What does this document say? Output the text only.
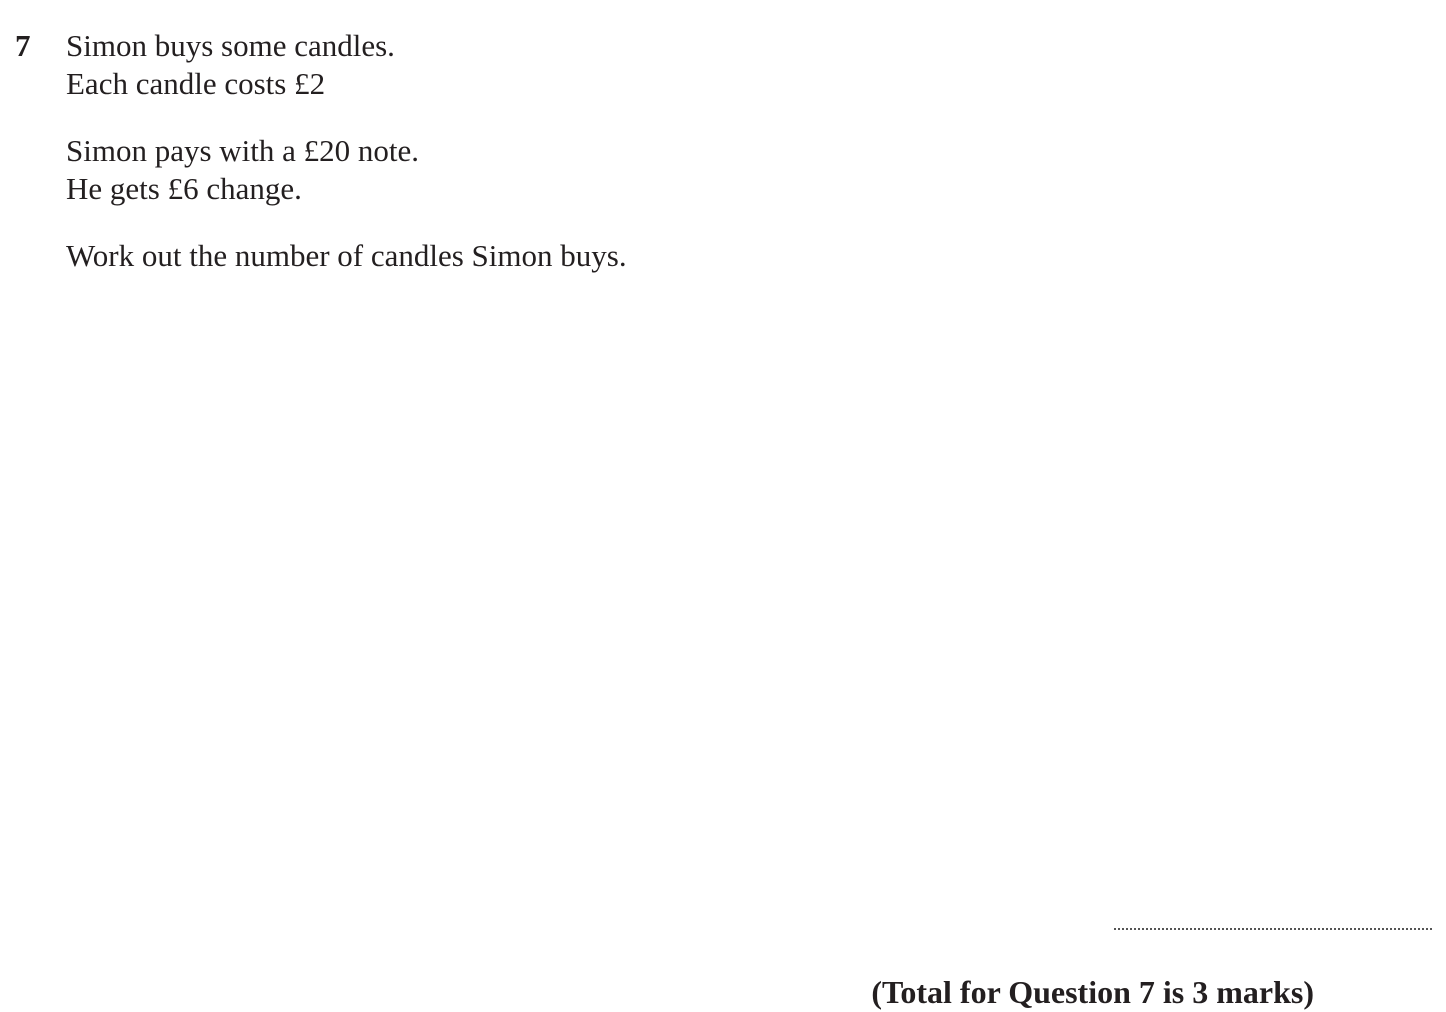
7 Simon buys some candles.
Each candle costs £2
Simon pays with a £20 note.
He gets £6 change.
Work out the number of candles Simon buys.
(Total for Question 7 is 3 marks)
